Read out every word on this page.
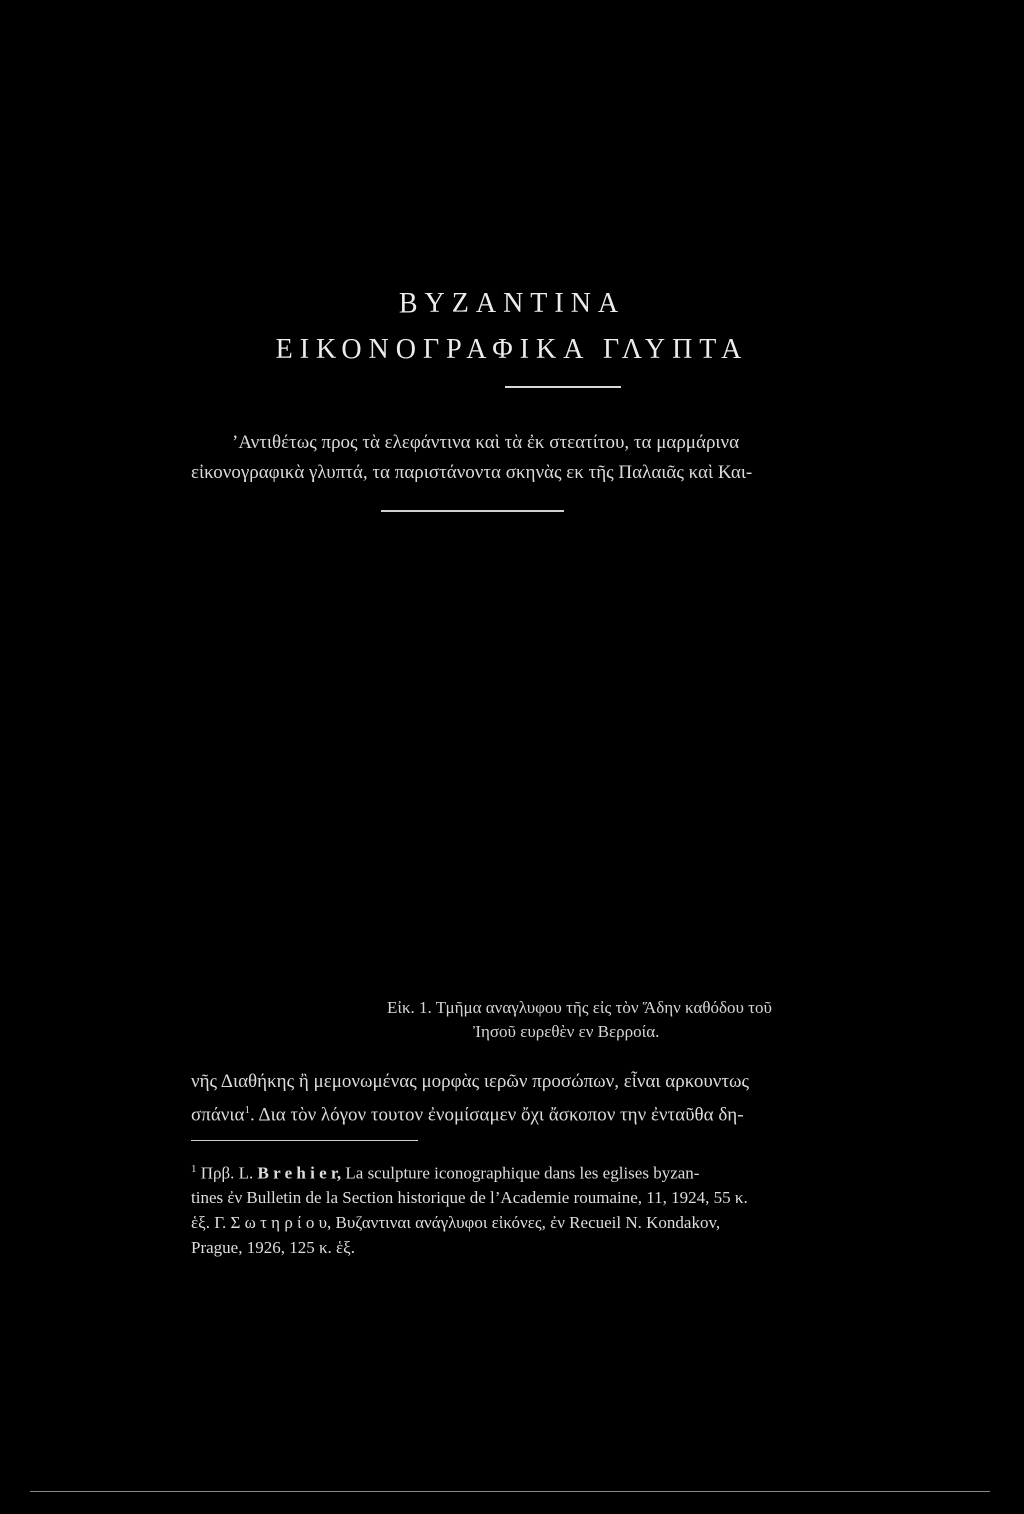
ΒΥΖΑΝΤΙΝΑ
ΕΙΚΟΝΟΓΡΑΦΙΚΑ ΓΛΥΠΤΑ
’Αντιθέτως προς τὰ ελεφάντινα καὶ τὰ ἐκ στεατίτου, τα μαρμάρινα
εἰκονογραφικὰ γλυπτά, τα παριστάνοντα σκηνὰς εκ τῆς Παλαιᾶς καὶ Και-
Εἰκ. 1. Τμῆμα αναγλυφου τῆς εἰς τὸν Ἅδην καθόδου τοῦ
Ἰησοῦ ευρεθὲν εν Βερροία.
νῆς Διαθήκης ἢ μεμονωμένας μορφὰς ιερῶν προσώπων, εἶναι αρκουντως
σπάνια$^1$. Δια τὸν λόγον τουτον ἐνομίσαμεν ὄχι ἄσκοπον την ἐνταῦθα δη-
$^1$ Πρβ. L. B r e h i e r, La sculpture iconographique dans les eglises byzan-
tines ἐν Bulletin de la Section historique de l’Academie roumaine, 11, 1924, 55 κ.
ἑξ. Γ. Σ ω τ η ρ ί ο υ, Βυζαντιναι ανάγλυφοι εἰκόνες, ἐν Recueil N. Kondakov,
Prague, 1926, 125 κ. ἑξ.
